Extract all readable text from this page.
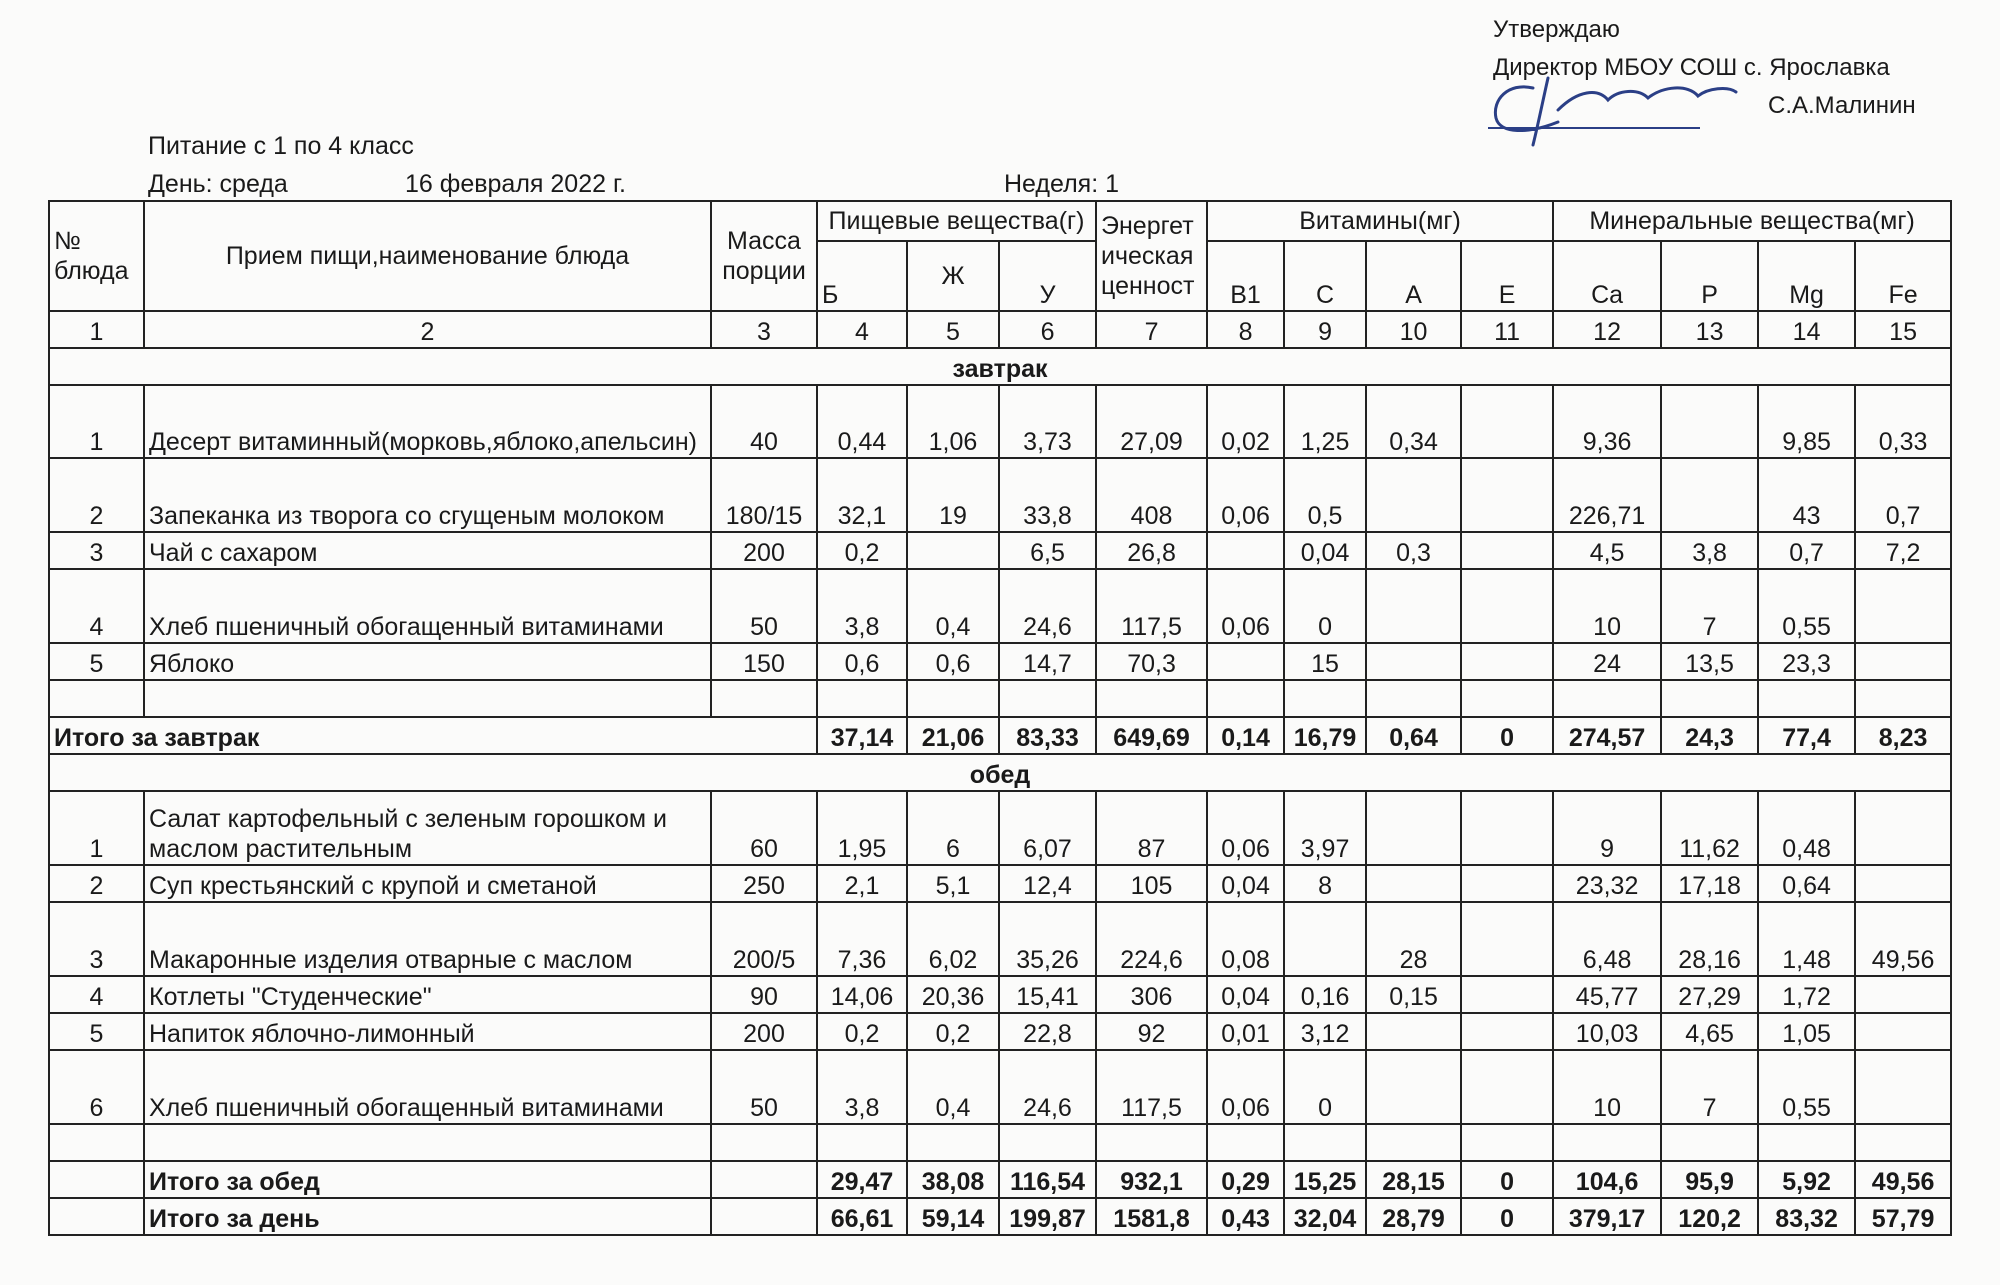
Утверждаю
Директор МБОУ СОШ с. Ярославка
С.А.Малинин
Питание с 1 по 4 класс
День: среда	16 февраля 2022 г.	Неделя: 1
№ блюда	Прием пищи,наименование блюда	Масса порции	Пищевые вещества(г)			Энергет
ическая
ценност	Витамины(мг)				Минеральные вещества(мг)			
			Б	Ж	У		В1	С	А	Е	Ca	P	Mg	Fe
1	2	3	4	5	6	7	8	9	10	11	12	13	14	15
завтрак														
1	Десерт витаминный(морковь,яблоко,апельсин)	40	0,44	1,06	3,73	27,09	0,02	1,25	0,34		9,36		9,85	0,33
2	Запеканка из творога со сгущеным молоком	180/15	32,1	19	33,8	408	0,06	0,5			226,71		43	0,7
3	Чай с сахаром	200	0,2		6,5	26,8		0,04	0,3		4,5	3,8	0,7	7,2
4	Хлеб пшеничный обогащенный витаминами	50	3,8	0,4	24,6	117,5	0,06	0			10	7	0,55	
5	Яблоко	150	0,6	0,6	14,7	70,3		15			24	13,5	23,3	

Итого за завтрак			37,14	21,06	83,33	649,69	0,14	16,79	0,64	0	274,57	24,3	77,4	8,23
обед														
1	Салат картофельный с зеленым горошком и маслом растительным	60	1,95	6	6,07	87	0,06	3,97			9	11,62	0,48	
2	Суп крестьянский с крупой и сметаной	250	2,1	5,1	12,4	105	0,04	8			23,32	17,18	0,64	
3	Макаронные изделия отварные с маслом	200/5	7,36	6,02	35,26	224,6	0,08		28		6,48	28,16	1,48	49,56
4	Котлеты "Студенческие"	90	14,06	20,36	15,41	306	0,04	0,16	0,15		45,77	27,29	1,72	
5	Напиток яблочно-лимонный	200	0,2	0,2	22,8	92	0,01	3,12			10,03	4,65	1,05	
6	Хлеб пшеничный обогащенный витаминами	50	3,8	0,4	24,6	117,5	0,06	0			10	7	0,55	

	Итого за обед		29,47	38,08	116,54	932,1	0,29	15,25	28,15	0	104,6	95,9	5,92	49,56
	Итого за день		66,61	59,14	199,87	1581,8	0,43	32,04	28,79	0	379,17	120,2	83,32	57,79
